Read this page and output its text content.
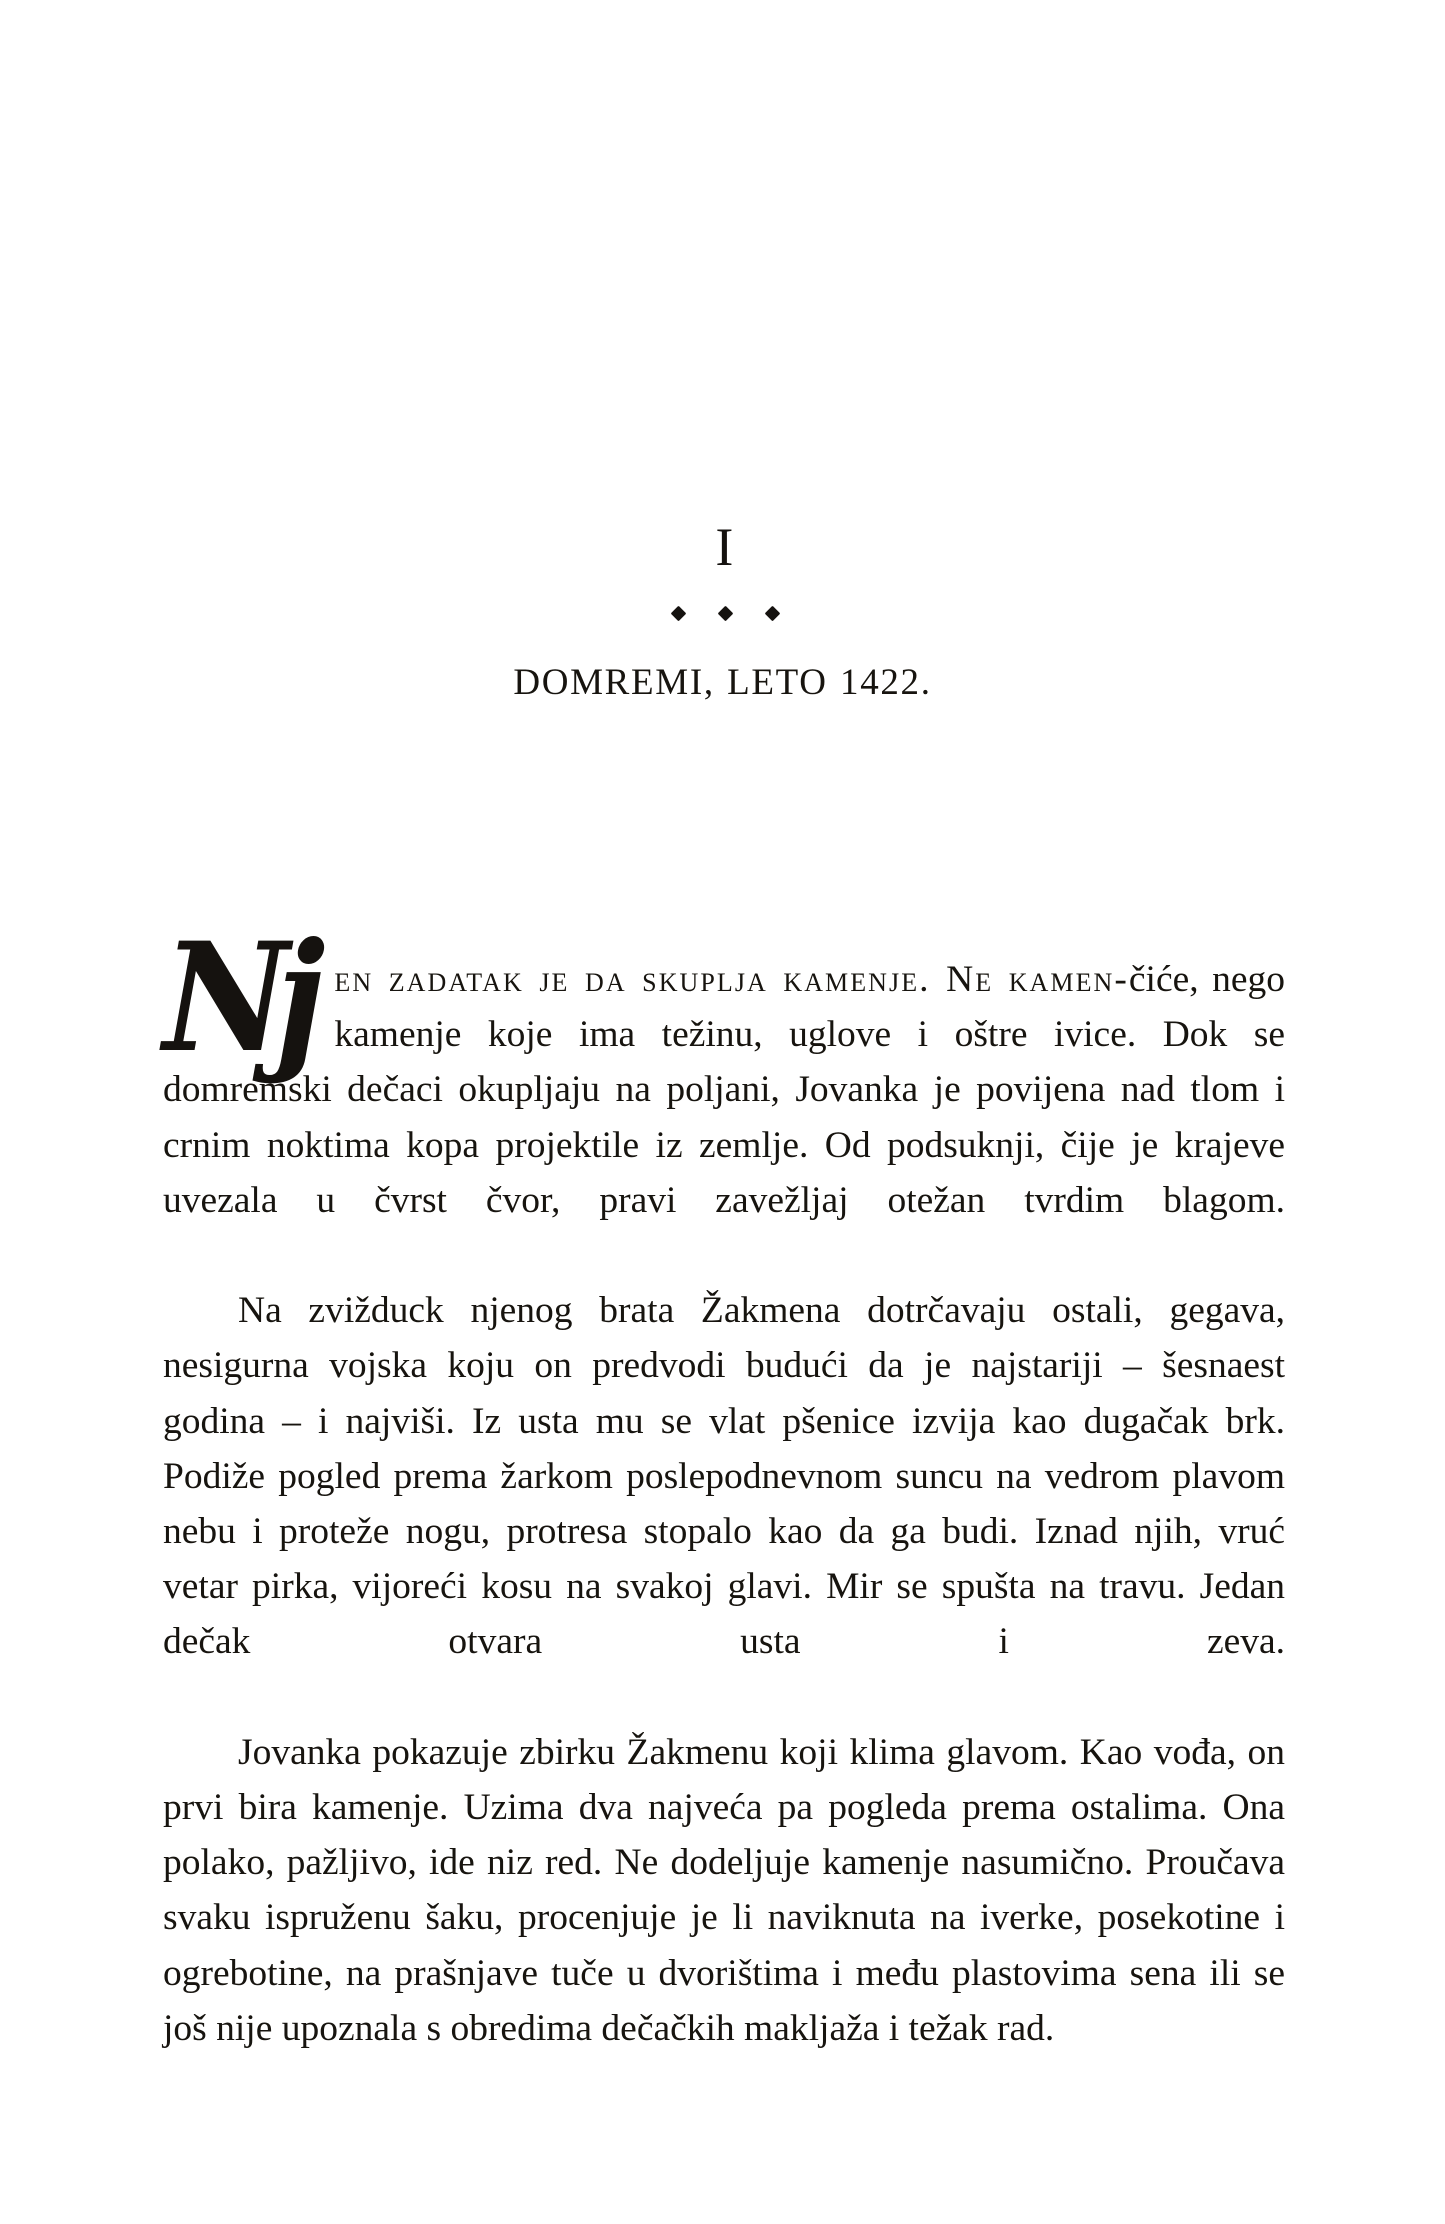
I
DOMREMI, LETO 1422.
Nj en zadatak je da skuplja kamenje. Ne kamen-čiće, nego kamenje koje ima težinu, uglove i oštre ivice. Dok se domremski dečaci okupljaju na poljani, Jovanka je povijena nad tlom i crnim noktima kopa projektile iz zemlje. Od podsuknji, čije je krajeve uvezala u čvrst čvor, pravi zavežljaj otežan tvrdim blagom.

Na zvižduck njenog brata Žakmena dotrčavaju ostali, gegava, nesigurna vojska koju on predvodi budući da je najstariji – šesnaest godina – i najviši. Iz usta mu se vlat pšenice izvija kao dugačak brk. Podiže pogled prema žarkom poslepodnevnom suncu na vedrom plavom nebu i proteže nogu, protresa stopalo kao da ga budi. Iznad njih, vruć vetar pirka, vijoreći kosu na svakoj glavi. Mir se spušta na travu. Jedan dečak otvara usta i zeva.

Jovanka pokazuje zbirku Žakmenu koji klima glavom. Kao vođa, on prvi bira kamenje. Uzima dva najveća pa pogleda prema ostalima. Ona polako, pažljivo, ide niz red. Ne dodeljuje kamenje nasumično. Proučava svaku ispruženu šaku, procenjuje je li naviknuta na iverke, posekotine i ogrebotine, na prašnjave tuče u dvorištima i među plastovima sena ili se još nije upoznala s obredima dečačkih makljaža i težak rad.
